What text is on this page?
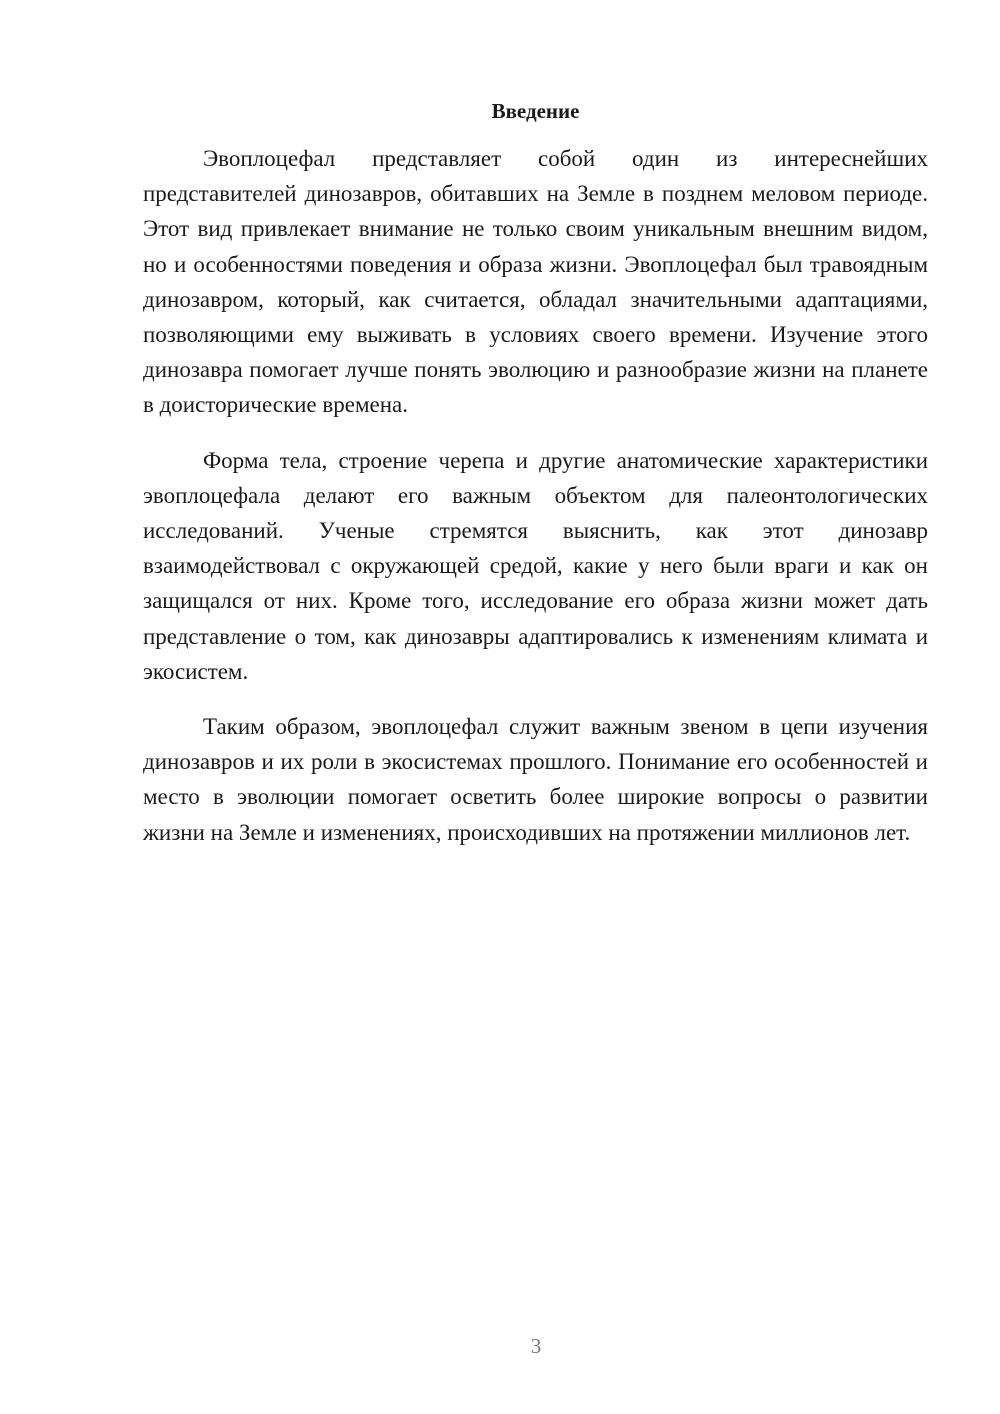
Введение

Эвоплоцефал представляет собой один из интереснейших представителей динозавров, обитавших на Земле в позднем меловом периоде. Этот вид привлекает внимание не только своим уникальным внешним видом, но и особенностями поведения и образа жизни. Эвоплоцефал был травоядным динозавром, который, как считается, обладал значительными адаптациями, позволяющими ему выживать в условиях своего времени. Изучение этого динозавра помогает лучше понять эволюцию и разнообразие жизни на планете в доисторические времена.

Форма тела, строение черепа и другие анатомические характеристики эвоплоцефала делают его важным объектом для палеонтологических исследований. Ученые стремятся выяснить, как этот динозавр взаимодействовал с окружающей средой, какие у него были враги и как он защищался от них. Кроме того, исследование его образа жизни может дать представление о том, как динозавры адаптировались к изменениям климата и экосистем.

Таким образом, эвоплоцефал служит важным звеном в цепи изучения динозавров и их роли в экосистемах прошлого. Понимание его особенностей и место в эволюции помогает осветить более широкие вопросы о развитии жизни на Земле и изменениях, происходивших на протяжении миллионов лет.

3
